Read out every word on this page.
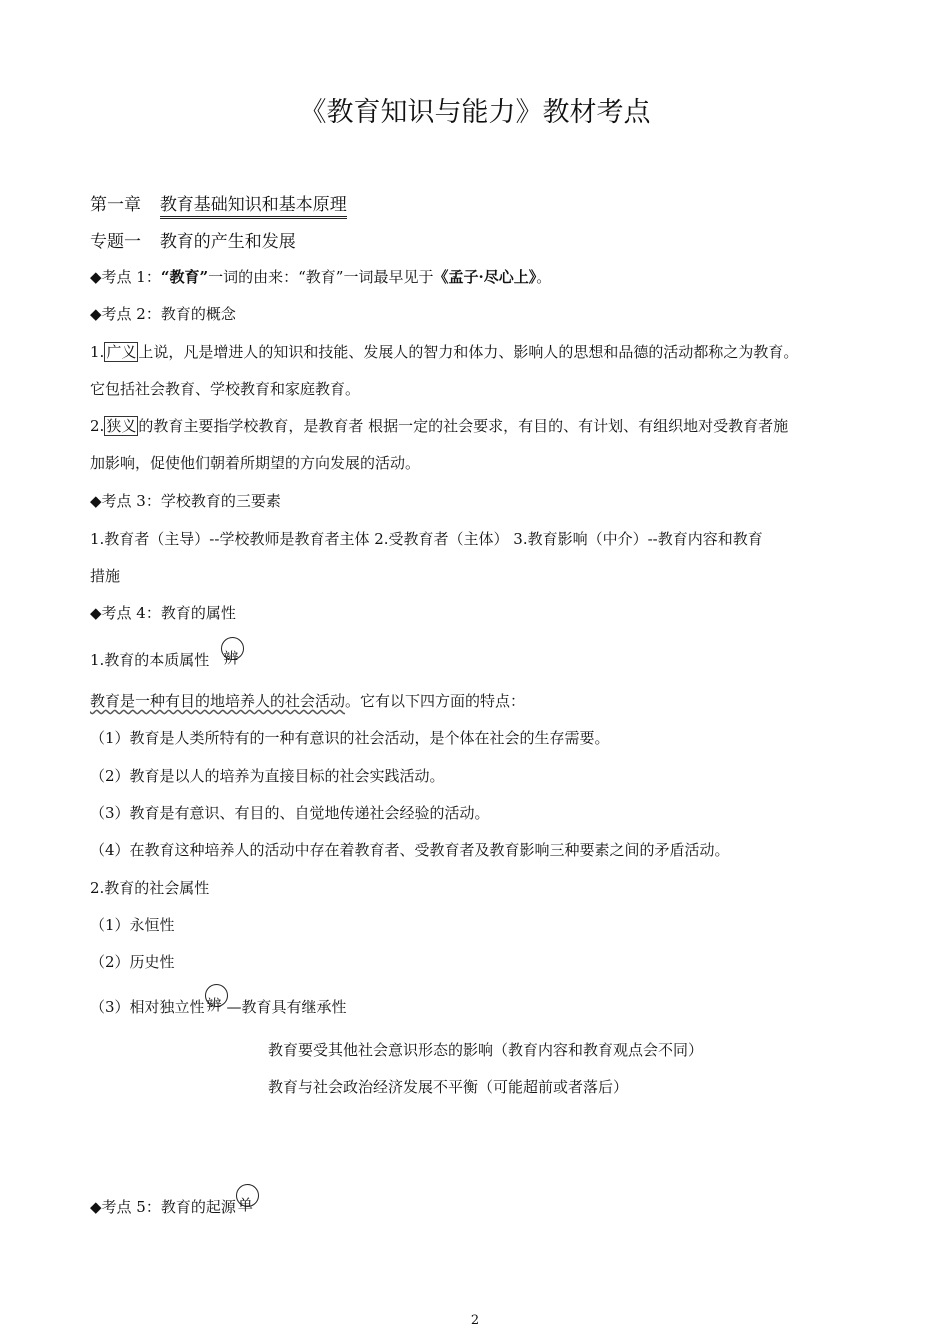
《教育知识与能力》教材考点
第一章 教育基础知识和基本原理
专题一 教育的产生和发展
◆考点 1：“教育”一词的由来：“教育”一词最早见于《孟子·尽心上》。
◆考点 2：教育的概念
1. 广义 上说，凡是增进人的知识和技能、发展人的智力和体力、影响人的思想和品德的活动都称之为教育。
它包括社会教育、学校教育和家庭教育。
2. 狭义 的教育主要指学校教育，是教育者 根据一定的社会要求，有目的、有计划、有组织地对受教育者施
加影响，促使他们朝着所期望的方向发展的活动。
◆考点 3：学校教育的三要素
1.教育者（主导）--学校教师是教育者主体 2.受教育者（主体） 3.教育影响（中介）--教育内容和教育
措施
◆考点 4：教育的属性
1.教育的本质属性 辨
教育是一种有目的地培养人的社会活动。它有以下四方面的特点：
（1）教育是人类所特有的一种有意识的社会活动，是个体在社会的生存需要。
（2）教育是以人的培养为直接目标的社会实践活动。
（3）教育是有意识、有目的、自觉地传递社会经验的活动。
（4）在教育这种培养人的活动中存在着教育者、受教育者及教育影响三种要素之间的矛盾活动。
2.教育的社会属性
（1）永恒性
（2）历史性
（3）相对独立性 辨 —教育具有继承性
教育要受其他社会意识形态的影响（教育内容和教育观点会不同）
教育与社会政治经济发展不平衡（可能超前或者落后）
◆考点 5：教育的起源 单
2
